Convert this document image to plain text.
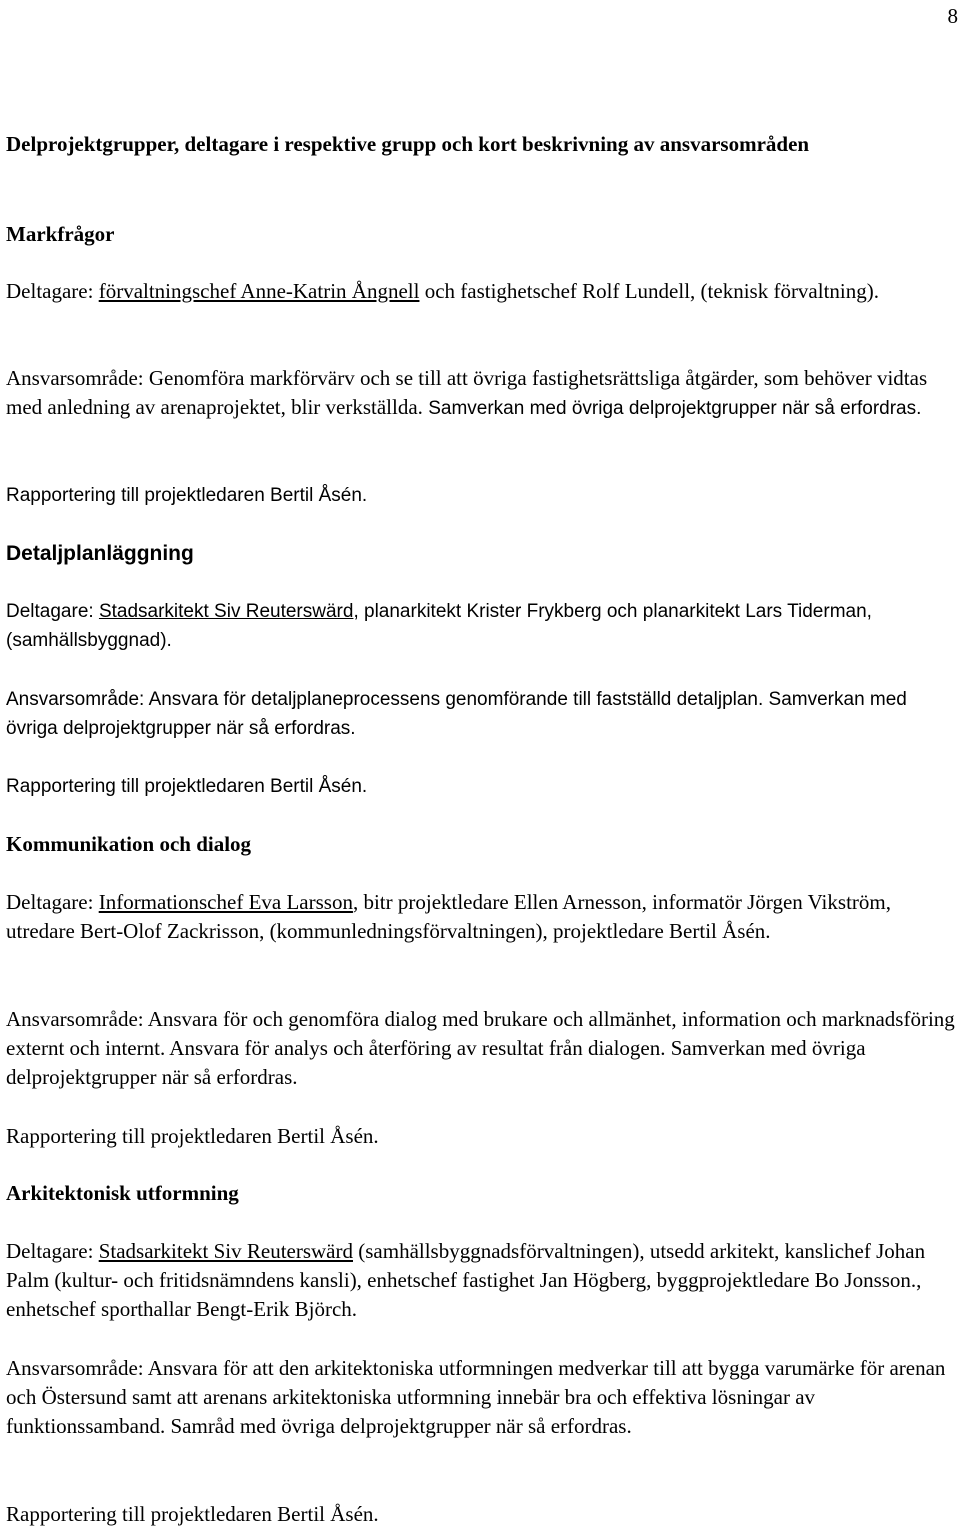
8
Delprojektgrupper, deltagare i respektive grupp och kort beskrivning av ansvarsområden
Markfrågor

Deltagare: förvaltningschef Anne-Katrin Ångnell och fastighetschef Rolf Lundell, (teknisk förvaltning).

Ansvarsområde: Genomföra markförvärv och se till att övriga fastighetsrättsliga åtgärder, som behöver vidtas med anledning av arenaprojektet, blir verkställda. Samverkan med övriga delprojektgrupper när så erfordras.

Rapportering till projektledaren Bertil Åsén.

Detaljplanläggning

Deltagare: Stadsarkitekt Siv Reuterswärd, planarkitekt Krister Frykberg och planarkitekt Lars Tiderman, (samhällsbyggnad).

Ansvarsområde: Ansvara för detaljplaneprocessens genomförande till fastställd detaljplan. Samverkan med övriga delprojektgrupper när så erfordras.

Rapportering till projektledaren Bertil Åsén.

Kommunikation och dialog

Deltagare: Informationschef Eva Larsson, bitr projektledare Ellen Arnesson, informatör Jörgen Vikström, utredare Bert-Olof Zackrisson, (kommunledningsförvaltningen), projektledare Bertil Åsén.

Ansvarsområde: Ansvara för och genomföra dialog med brukare och allmänhet, information och marknadsföring externt och internt. Ansvara för analys och återföring av resultat från dialogen. Samverkan med övriga delprojektgrupper när så erfordras.

Rapportering till projektledaren Bertil Åsén.

Arkitektonisk utformning

Deltagare: Stadsarkitekt Siv Reuterswärd (samhällsbyggnadsförvaltningen), utsedd arkitekt, kanslichef Johan Palm (kultur- och fritidsnämndens kansli), enhetschef fastighet Jan Högberg, byggprojektledare Bo Jonsson., enhetschef sporthallar Bengt-Erik Björch.

Ansvarsområde: Ansvara för att den arkitektoniska utformningen medverkar till att bygga varumärke för arenan och Östersund samt att arenans arkitektoniska utformning innebär bra och effektiva lösningar av funktionssamband. Samråd med övriga delprojektgrupper när så erfordras.

Rapportering till projektledaren Bertil Åsén.
